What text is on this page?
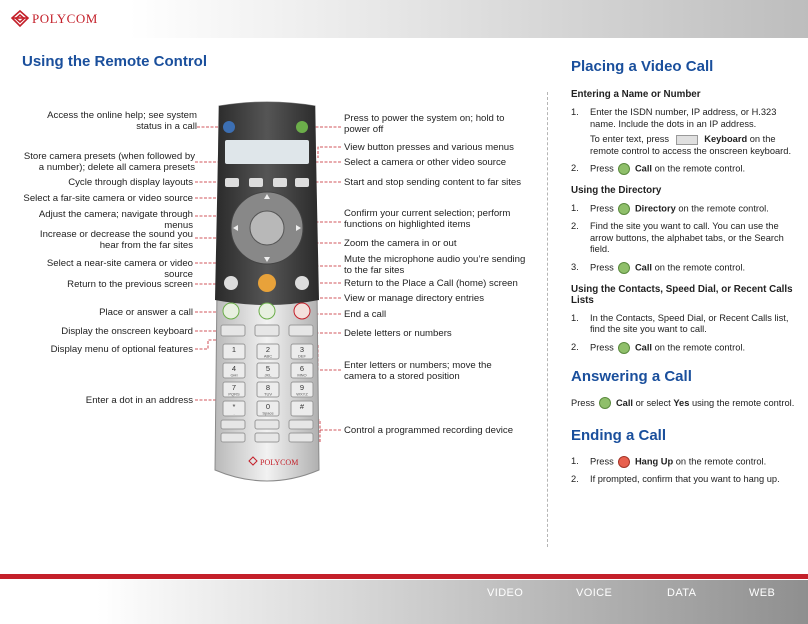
POLYCOM
Using the Remote Control
Access the online help; see system status in a call
Store camera presets (when followed by a number); delete all camera presets
Cycle through display layouts
Select a far-site camera or video source
Adjust the camera; navigate through menus
Increase or decrease the sound you hear from the far sites
Select a near-site camera or video source
Return to the previous screen
Place or answer a call
Display the onscreen keyboard
Display menu of optional features
Enter a dot in an address
Press to power the system on; hold to power off
View button presses and various menus
Select a camera or other video source
Start and stop sending content to far sites
Confirm your current selection; perform functions on highlighted items
Zoom the camera in or out
Mute the microphone audio you’re sending to the far sites
Return to the Place a Call (home) screen
View or manage directory entries
End a call
Delete letters or numbers
Enter letters or numbers; move the camera to a stored position
Control a programmed recording device
1	2
ABC
3
DEF
4
GHI
5
JKL
6
MNO
7
PQRS
8
TUV
9
WXYZ
*
.
0
Space
#
POLYCOM
Placing a Video Call
Entering a Name or Number
1.	Enter the ISDN number, IP address, or H.323 name. Include the dots in an IP address.
To enter text, press	Keyboard on the remote control to access the onscreen keyboard.
2.	Press Call on the remote control.
Using the Directory
1.	Press Directory on the remote control.
2.	Find the site you want to call. You can use the arrow buttons, the alphabet tabs, or the Search field.
3.	Press Call on the remote control.
Using the Contacts, Speed Dial, or Recent Calls Lists
1.	In the Contacts, Speed Dial, or Recent Calls list, find the site you want to call.
2.	Press Call on the remote control.
Answering a Call
Press Call or select Yes using the remote control.
Ending a Call
1.	Press Hang Up on the remote control.
2.	If prompted, confirm that you want to hang up.
VIDEO	VOICE	DATA	WEB
